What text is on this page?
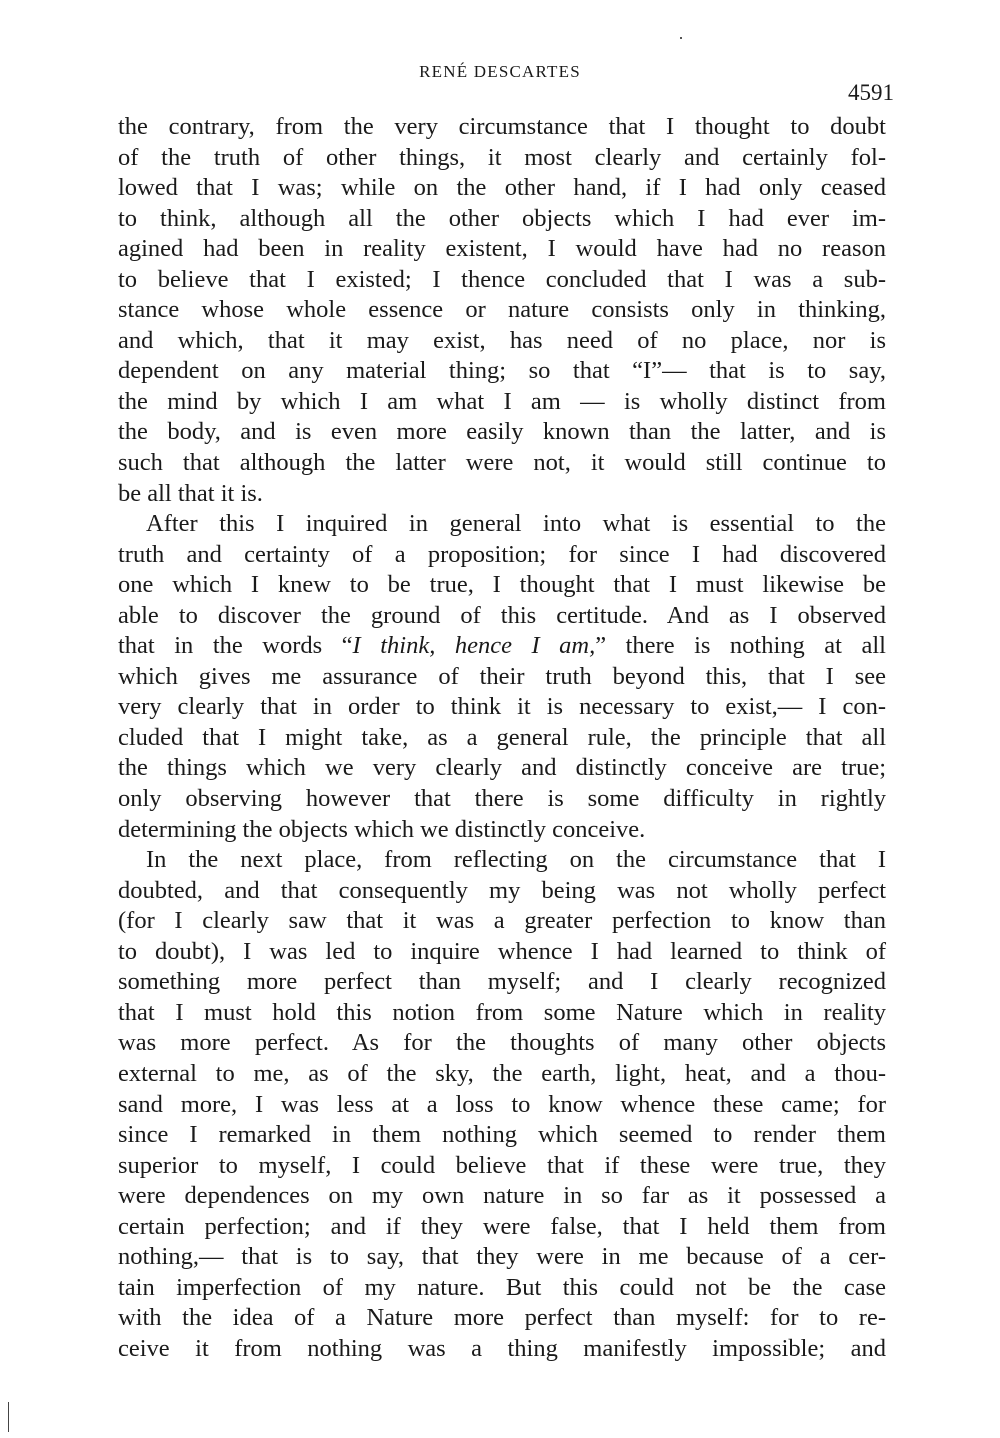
RENÉ DESCARTES
4591
the contrary, from the very circumstance that I thought to doubt
of the truth of other things, it most clearly and certainly fol-
lowed that I was; while on the other hand, if I had only ceased
to think, although all the other objects which I had ever im-
agined had been in reality existent, I would have had no reason
to believe that I existed; I thence concluded that I was a sub-
stance whose whole essence or nature consists only in thinking,
and which, that it may exist, has need of no place, nor is
dependent on any material thing; so that “I”— that is to say,
the mind by which I am what I am — is wholly distinct from
the body, and is even more easily known than the latter, and is
such that although the latter were not, it would still continue to
be all that it is.
After this I inquired in general into what is essential to the
truth and certainty of a proposition; for since I had discovered
one which I knew to be true, I thought that I must likewise be
able to discover the ground of this certitude. And as I observed
that in the words “I think, hence I am,” there is nothing at all
which gives me assurance of their truth beyond this, that I see
very clearly that in order to think it is necessary to exist,— I con-
cluded that I might take, as a general rule, the principle that all
the things which we very clearly and distinctly conceive are true;
only observing however that there is some difficulty in rightly
determining the objects which we distinctly conceive.
In the next place, from reflecting on the circumstance that I
doubted, and that consequently my being was not wholly perfect
(for I clearly saw that it was a greater perfection to know than
to doubt), I was led to inquire whence I had learned to think of
something more perfect than myself; and I clearly recognized
that I must hold this notion from some Nature which in reality
was more perfect. As for the thoughts of many other objects
external to me, as of the sky, the earth, light, heat, and a thou-
sand more, I was less at a loss to know whence these came; for
since I remarked in them nothing which seemed to render them
superior to myself, I could believe that if these were true, they
were dependences on my own nature in so far as it possessed a
certain perfection; and if they were false, that I held them from
nothing,— that is to say, that they were in me because of a cer-
tain imperfection of my nature. But this could not be the case
with the idea of a Nature more perfect than myself: for to re-
ceive it from nothing was a thing manifestly impossible; and
